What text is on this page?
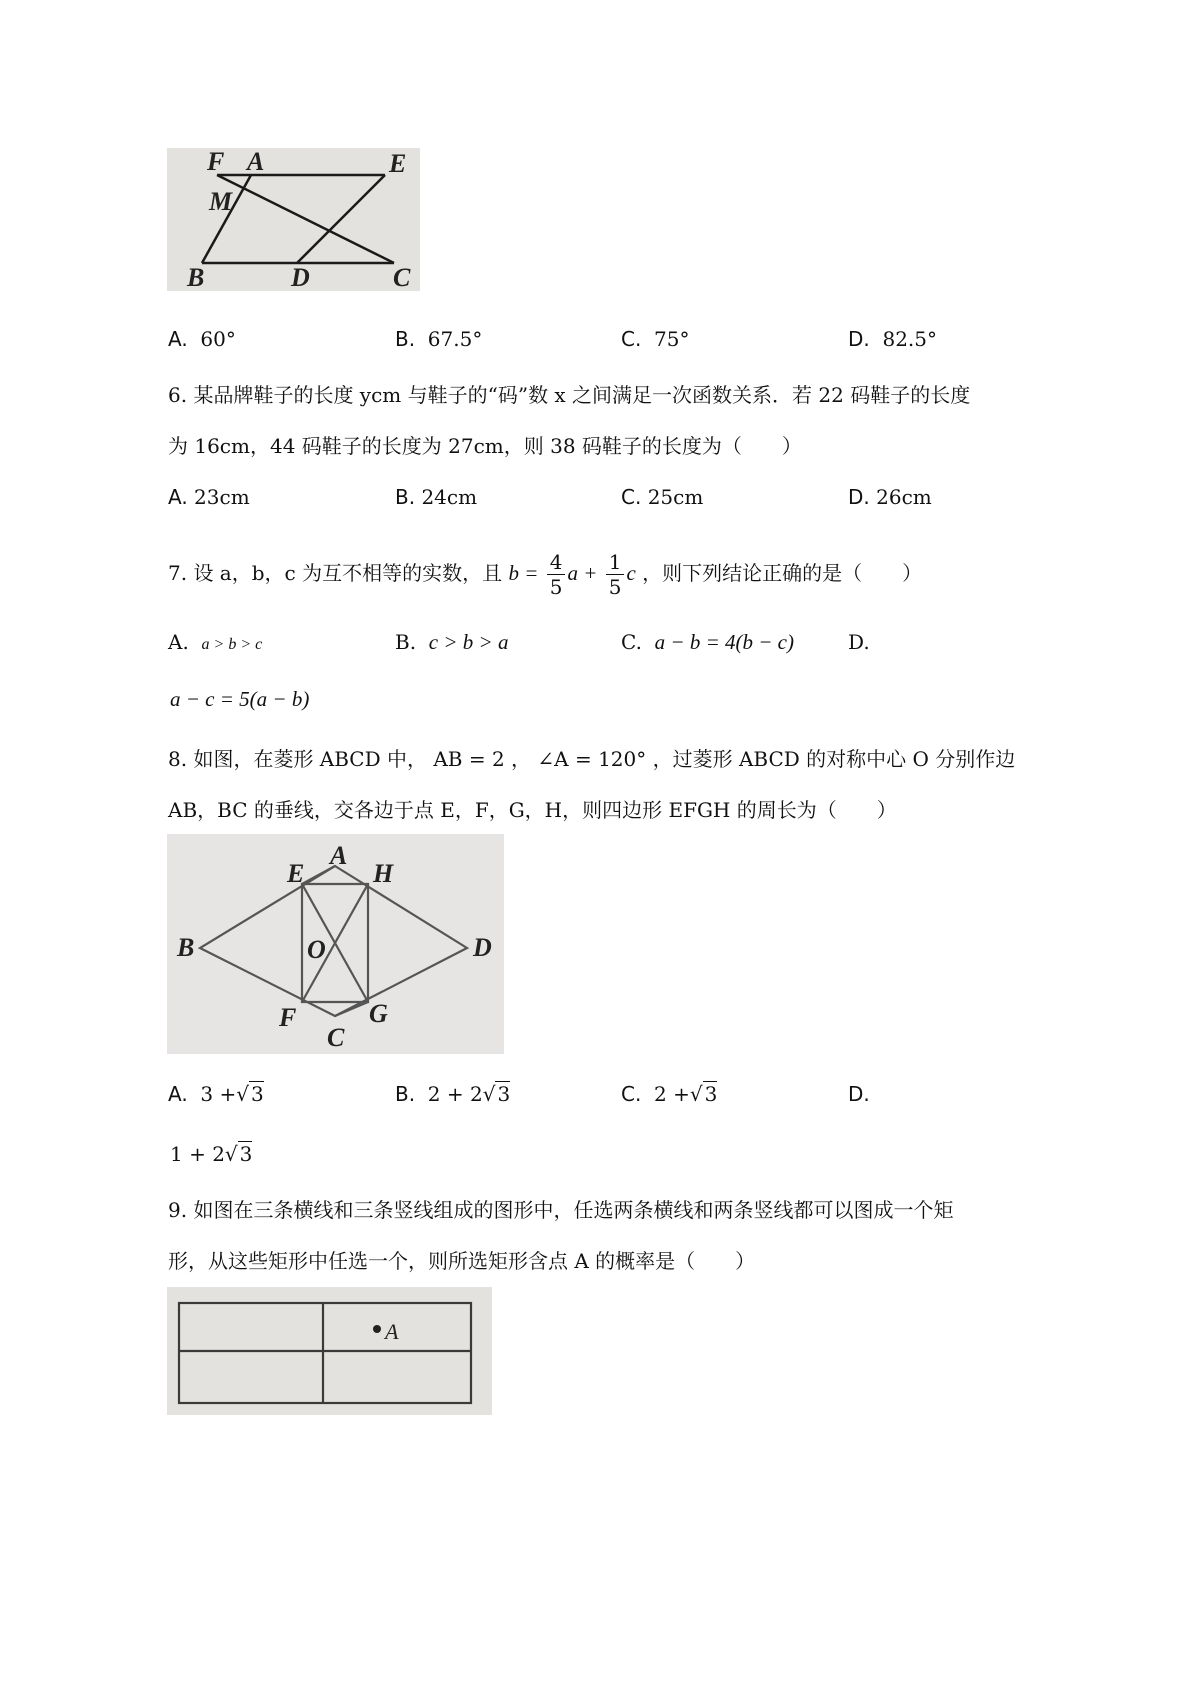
F A	E
M
B	D	C
A. 60°	B. 67.5°	C. 75°	D. 82.5°
6. 某品牌鞋子的长度 ycm 与鞋子的“码”数 x 之间满足一次函数关系．若 22 码鞋子的长度
为 16cm，44 码鞋子的长度为 27cm，则 38 码鞋子的长度为（　　）
A. 23cm	B. 24cm	C. 25cm	D. 26cm
7. 设 a，b，c 为互不相等的实数，且 $b = \frac{4}{5}$ $a + \frac{1}{5}$ c ，则下列结论正确的是（　　）
A. a > b > c	B. c > b > a	C. a − b = 4(b − c)	D.
a − c = 5(a − b)
8. 如图，在菱形 ABCD 中， AB = 2 ， ∠A = 120° ，过菱形 ABCD 的对称中心 O 分别作边
AB，BC 的垂线，交各边于点 E，F，G，H，则四边形 EFGH 的周长为（　　）
A
E	H
B	O	D
F	G
C
A. 3 +√ 3	B. 2 + 2√ 3	C. 2 +√ 3	D.
1 + 2√ 3
9. 如图在三条横线和三条竖线组成的图形中，任选两条横线和两条竖线都可以图成一个矩
形，从这些矩形中任选一个，则所选矩形含点 A 的概率是（　　）
A
